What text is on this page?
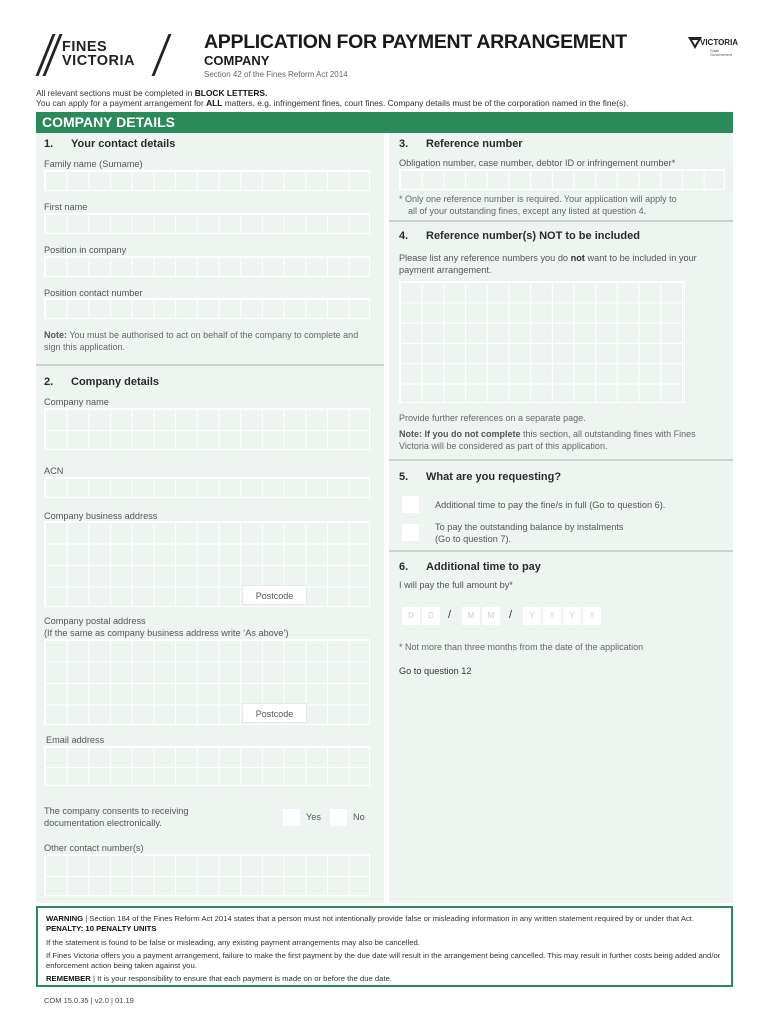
FINES
VICTORIA
APPLICATION FOR PAYMENT ARRANGEMENT
COMPANY
Section 42 of the Fines Reform Act 2014
VICTORIA
State Government
All relevant sections must be completed in BLOCK LETTERS.
You can apply for a payment arrangement for ALL matters, e.g. infringement fines, court fines. Company details must be of the corporation named in the fine(s).
COMPANY DETAILS
1. Your contact details
Family name (Surname)
First name
Position in company
Position contact number
Note: You must be authorised to act on behalf of the company to complete and sign this application.
2. Company details
Company name
ACN
Company business address
Postcode
Company postal address
(If the same as company business address write ‘As above’)
Postcode
Email address
The company consents to receiving
documentation electronically.
Yes	No
Other contact number(s)
3. Reference number
Obligation number, case number, debtor ID or infringement number*
* Only one reference number is required. Your application will apply to
all of your outstanding fines, except any listed at question 4.
4. Reference number(s) NOT to be included
Please list any reference numbers you do not want to be included in your payment arrangement.
Provide further references on a separate page.
Note: If you do not complete this section, all outstanding fines with Fines Victoria will be considered as part of this application.
5. What are you requesting?
Additional time to pay the fine/s in full (Go to question 6).
To pay the outstanding balance by instalments
(Go to question 7).
6. Additional time to pay
I will pay the full amount by*
D	D	/	M	M	/	Y	Y	Y	Y
* Not more than three months from the date of the application
Go to question 12
WARNING | Section 184 of the Fines Reform Act 2014 states that a person must not intentionally provide false or misleading information in any written statement required by or under that Act. PENALTY: 10 PENALTY UNITS
If the statement is found to be false or misleading, any existing payment arrangements may also be cancelled.
If Fines Victoria offers you a payment arrangement, failure to make the first payment by the due date will result in the arrangement being cancelled. This may result in further costs being added and/or enforcement action being taken against you.
REMEMBER | It is your responsibility to ensure that each payment is made on or before the due date.
COM 15.0.35 | v2.0 | 01.19
